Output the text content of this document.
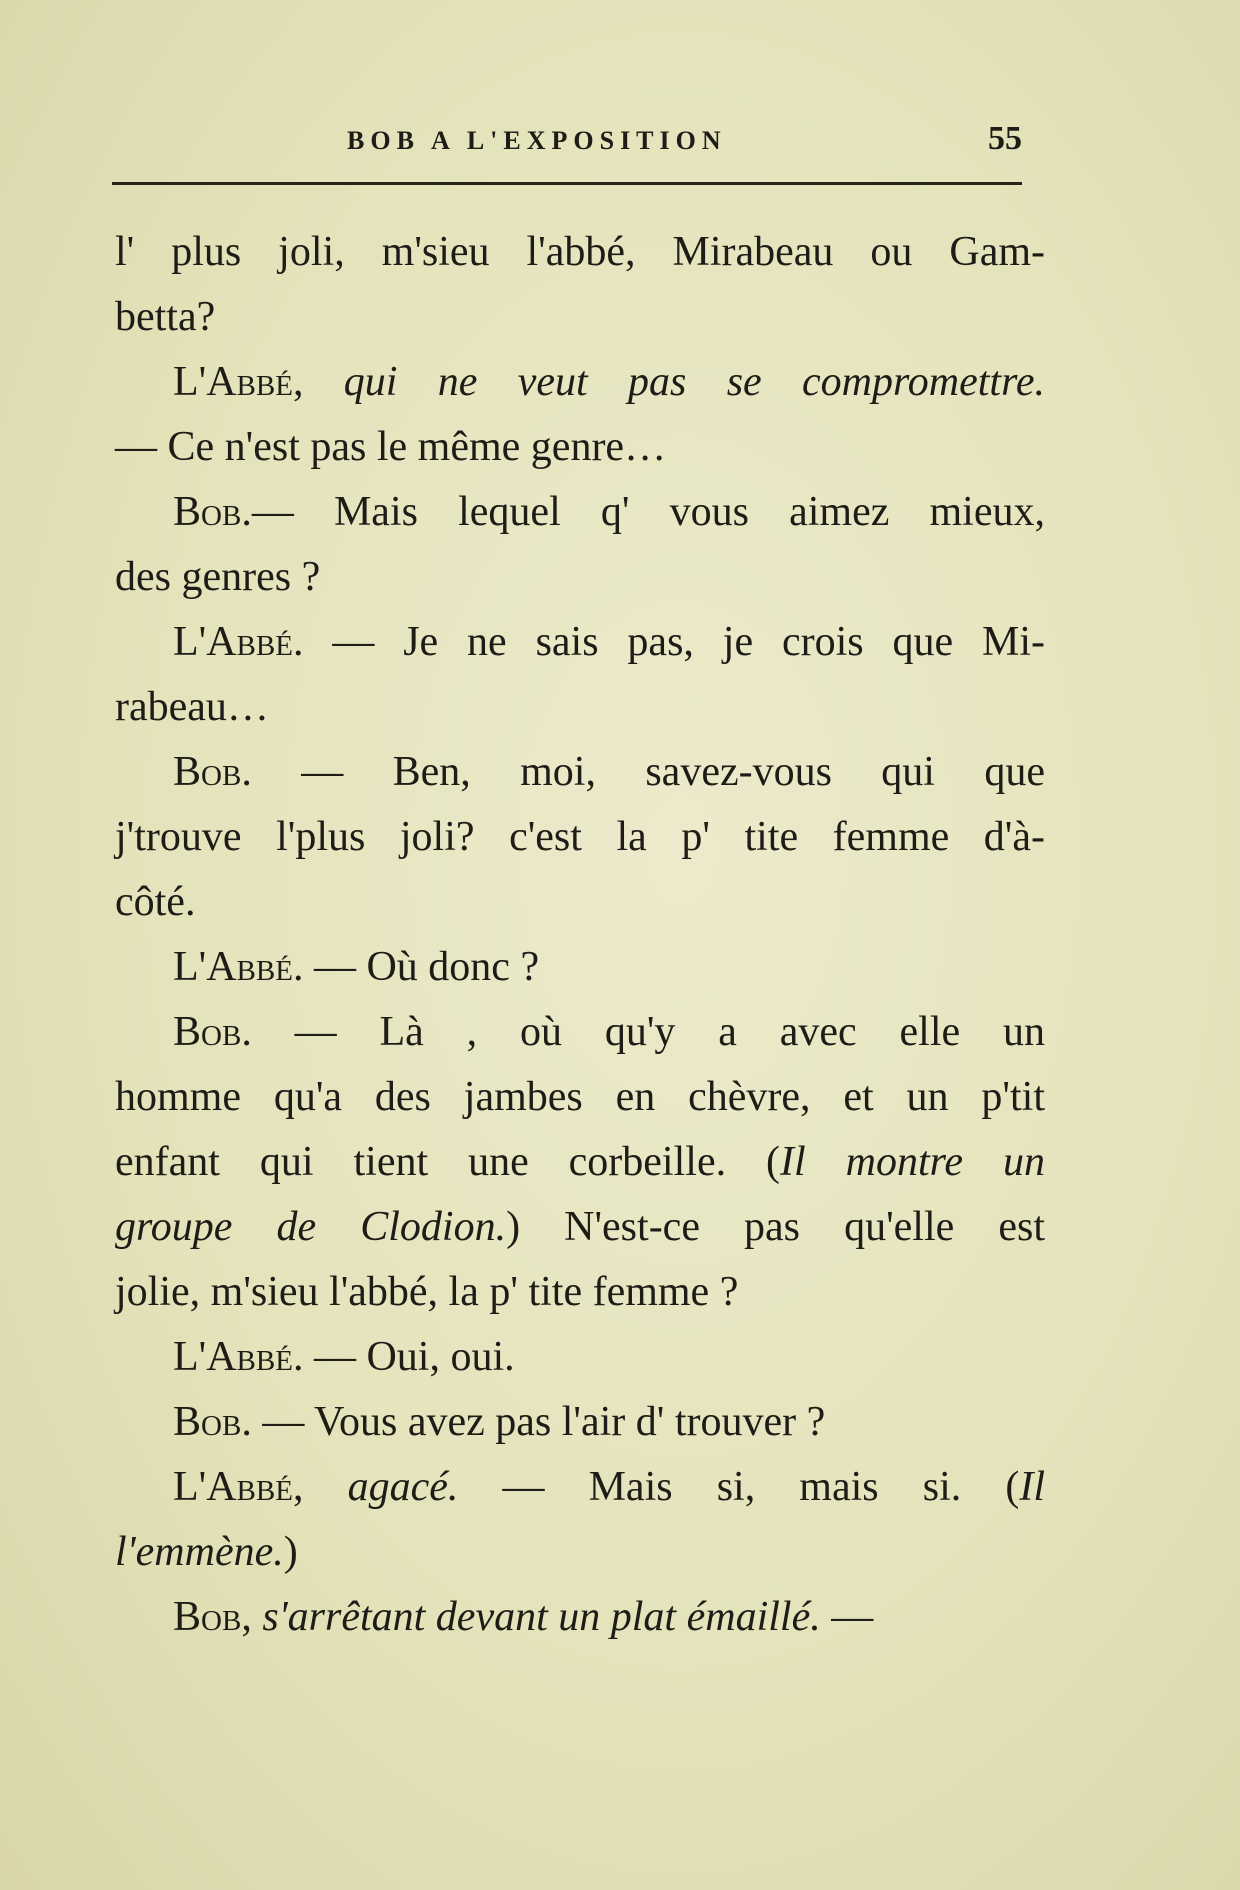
BOB A L'EXPOSITION	55
l' plus joli, m'sieu l'abbé, Mirabeau ou Gam-
betta?
L'Abbé, qui ne veut pas se compromettre.
— Ce n'est pas le même genre…
Bob.— Mais lequel q' vous aimez mieux,
des genres ?
L'Abbé. — Je ne sais pas, je crois que Mi-
rabeau…
Bob. — Ben, moi, savez-vous qui que
j'trouve l'plus joli? c'est la p' tite femme d'à-
côté.
L'Abbé. — Où donc ?
Bob. — Là , où qu'y a avec elle un
homme qu'a des jambes en chèvre, et un p'tit
enfant qui tient une corbeille. (Il montre un
groupe de Clodion.) N'est-ce pas qu'elle est
jolie, m'sieu l'abbé, la p' tite femme ?
L'Abbé. — Oui, oui.
Bob. — Vous avez pas l'air d' trouver ?
L'Abbé, agacé. — Mais si, mais si. (Il
l'emmène.)
Bob, s'arrêtant devant un plat émaillé. —
